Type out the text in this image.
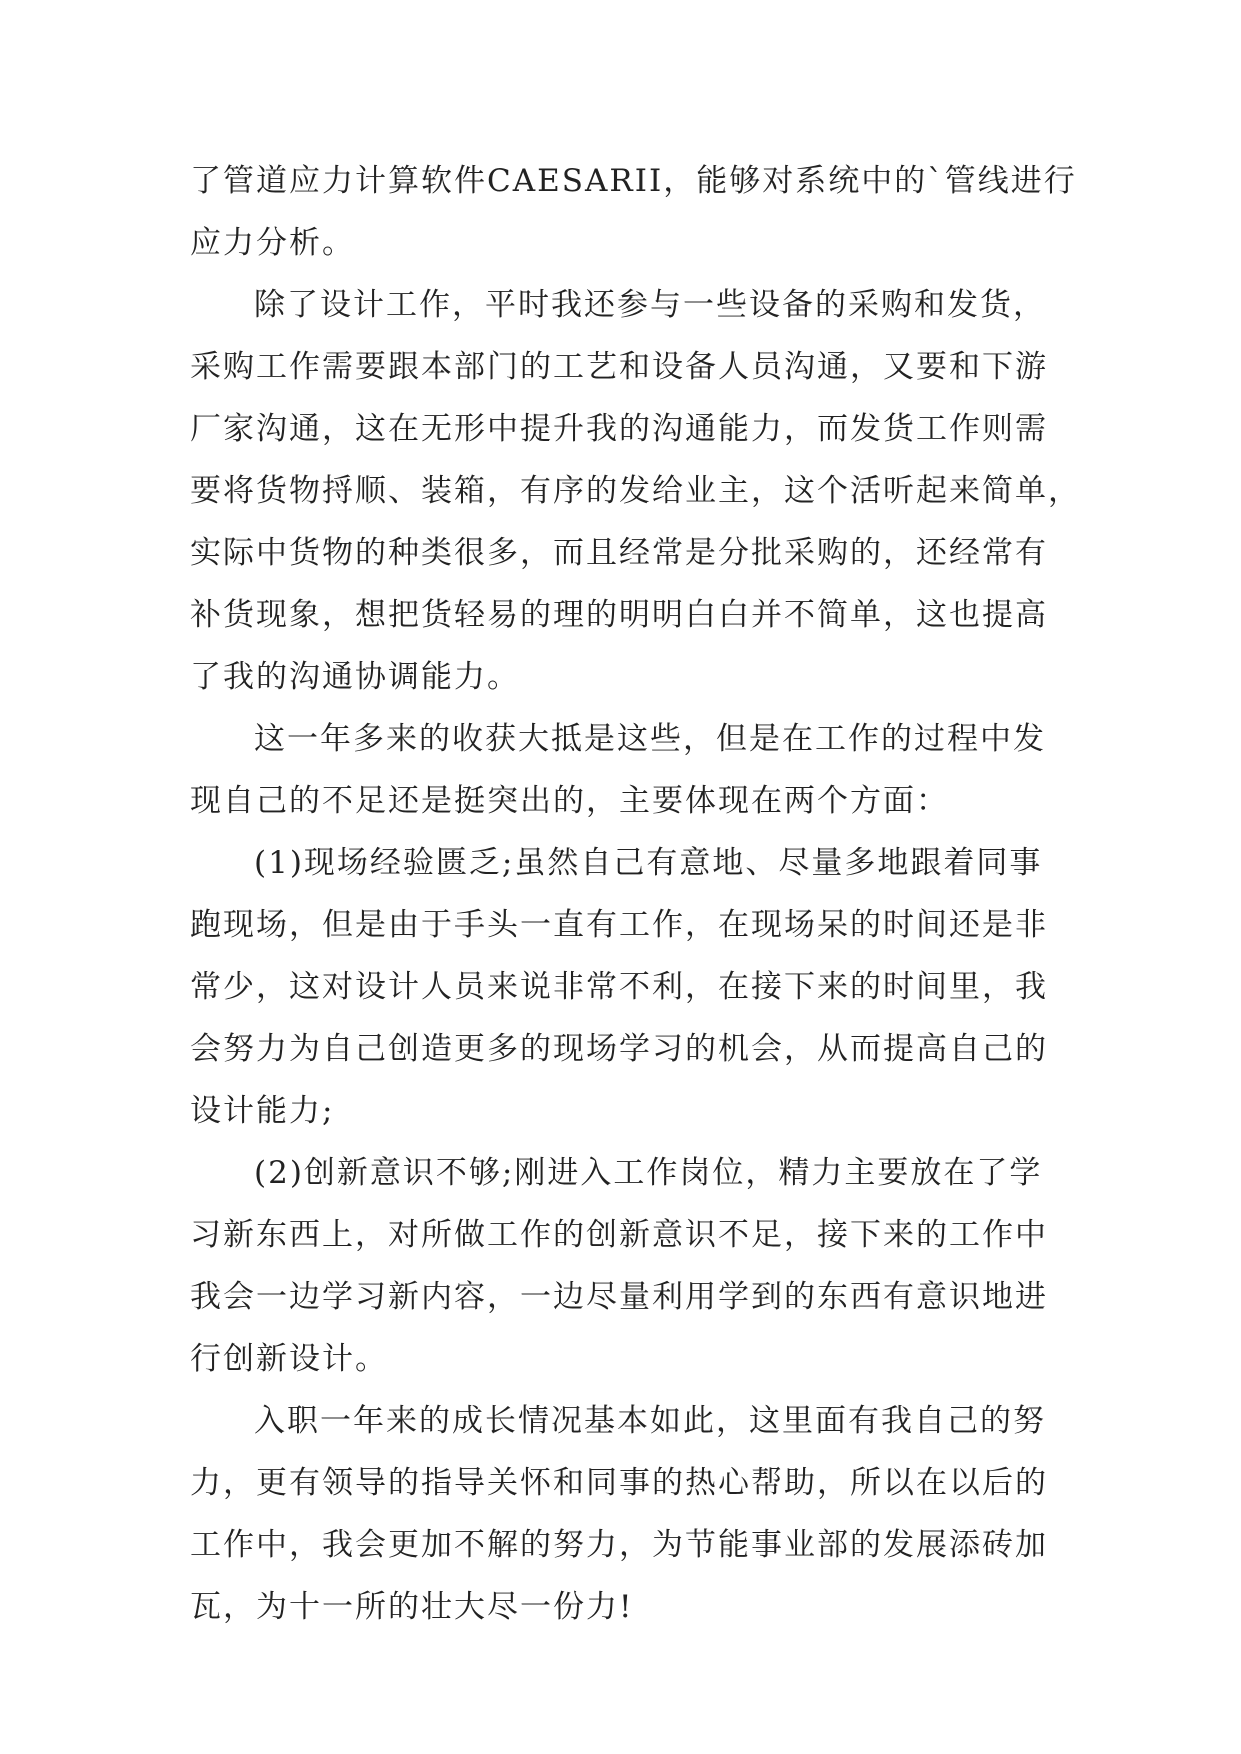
了管道应力计算软件CAESARII，能够对系统中的`管线进行
应力分析。
除了设计工作，平时我还参与一些设备的采购和发货，
采购工作需要跟本部门的工艺和设备人员沟通，又要和下游
厂家沟通，这在无形中提升我的沟通能力，而发货工作则需
要将货物捋顺、装箱，有序的发给业主，这个活听起来简单，
实际中货物的种类很多，而且经常是分批采购的，还经常有
补货现象，想把货轻易的理的明明白白并不简单，这也提高
了我的沟通协调能力。
这一年多来的收获大抵是这些，但是在工作的过程中发
现自己的不足还是挺突出的，主要体现在两个方面：
(1)现场经验匮乏;虽然自己有意地、尽量多地跟着同事
跑现场，但是由于手头一直有工作，在现场呆的时间还是非
常少，这对设计人员来说非常不利，在接下来的时间里，我
会努力为自己创造更多的现场学习的机会，从而提高自己的
设计能力;
(2)创新意识不够;刚进入工作岗位，精力主要放在了学
习新东西上，对所做工作的创新意识不足，接下来的工作中
我会一边学习新内容，一边尽量利用学到的东西有意识地进
行创新设计。
入职一年来的成长情况基本如此，这里面有我自己的努
力，更有领导的指导关怀和同事的热心帮助，所以在以后的
工作中，我会更加不解的努力，为节能事业部的发展添砖加
瓦，为十一所的壮大尽一份力!
